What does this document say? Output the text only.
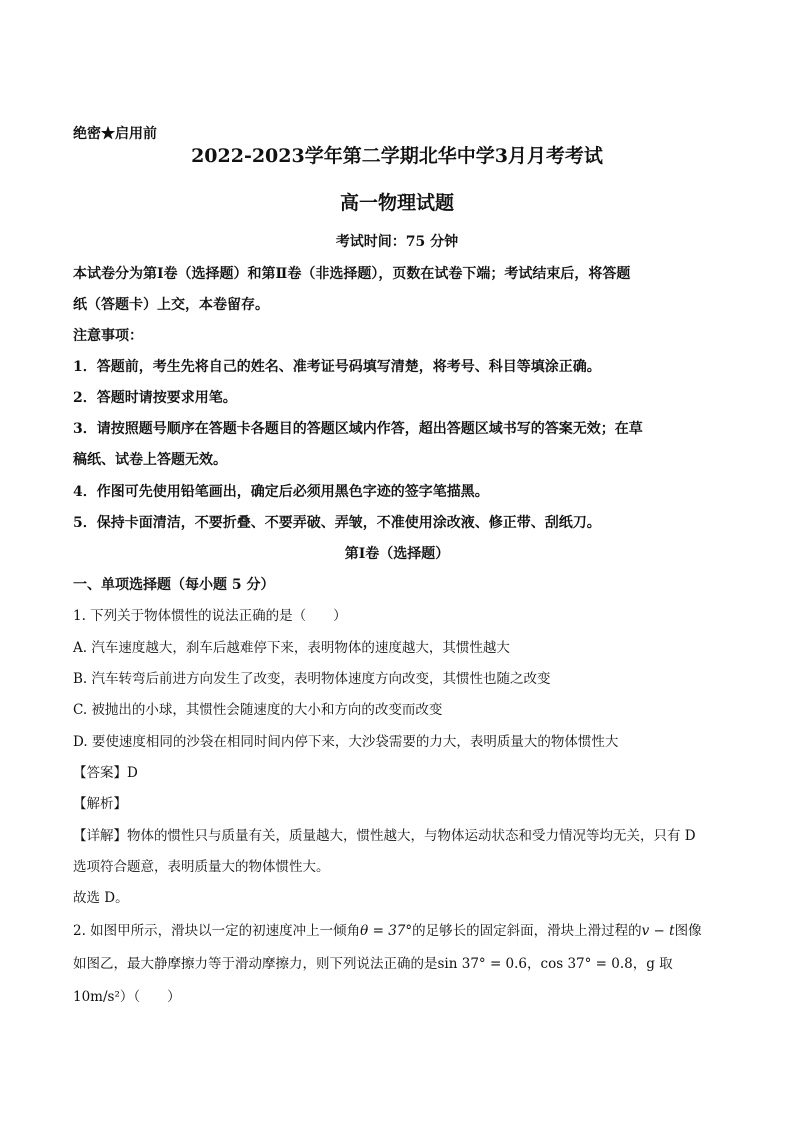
绝密★启用前
2022-2023学年第二学期北华中学3月月考考试
高一物理试题
考试时间：75 分钟
本试卷分为第Ⅰ卷（选择题）和第Ⅱ卷（非选择题），页数在试卷下端；考试结束后，将答题
纸（答题卡）上交，本卷留存。
注意事项：
1．答题前，考生先将自己的姓名、准考证号码填写清楚，将考号、科目等填涂正确。
2．答题时请按要求用笔。
3．请按照题号顺序在答题卡各题目的答题区域内作答，超出答题区域书写的答案无效；在草
稿纸、试卷上答题无效。
4．作图可先使用铅笔画出，确定后必须用黑色字迹的签字笔描黑。
5．保持卡面清洁，不要折叠、不要弄破、弄皱，不准使用涂改液、修正带、刮纸刀。
第Ⅰ卷（选择题）
一、单项选择题（每小题 5 分）
1. 下列关于物体惯性的说法正确的是（　　）
A. 汽车速度越大，刹车后越难停下来，表明物体的速度越大，其惯性越大
B. 汽车转弯后前进方向发生了改变，表明物体速度方向改变，其惯性也随之改变
C. 被抛出的小球，其惯性会随速度的大小和方向的改变而改变
D. 要使速度相同的沙袋在相同时间内停下来，大沙袋需要的力大，表明质量大的物体惯性大
【答案】D
【解析】
【详解】物体的惯性只与质量有关，质量越大，惯性越大，与物体运动状态和受力情况等均无关，只有 D
选项符合题意，表明质量大的物体惯性大。
故选 D。
2. 如图甲所示，滑块以一定的初速度冲上一倾角θ = 37°的足够长的固定斜面，滑块上滑过程的v − t图像
如图乙，最大静摩擦力等于滑动摩擦力，则下列说法正确的是sin 37° = 0.6，cos 37° = 0.8，g 取
10m/s²）（　　）
